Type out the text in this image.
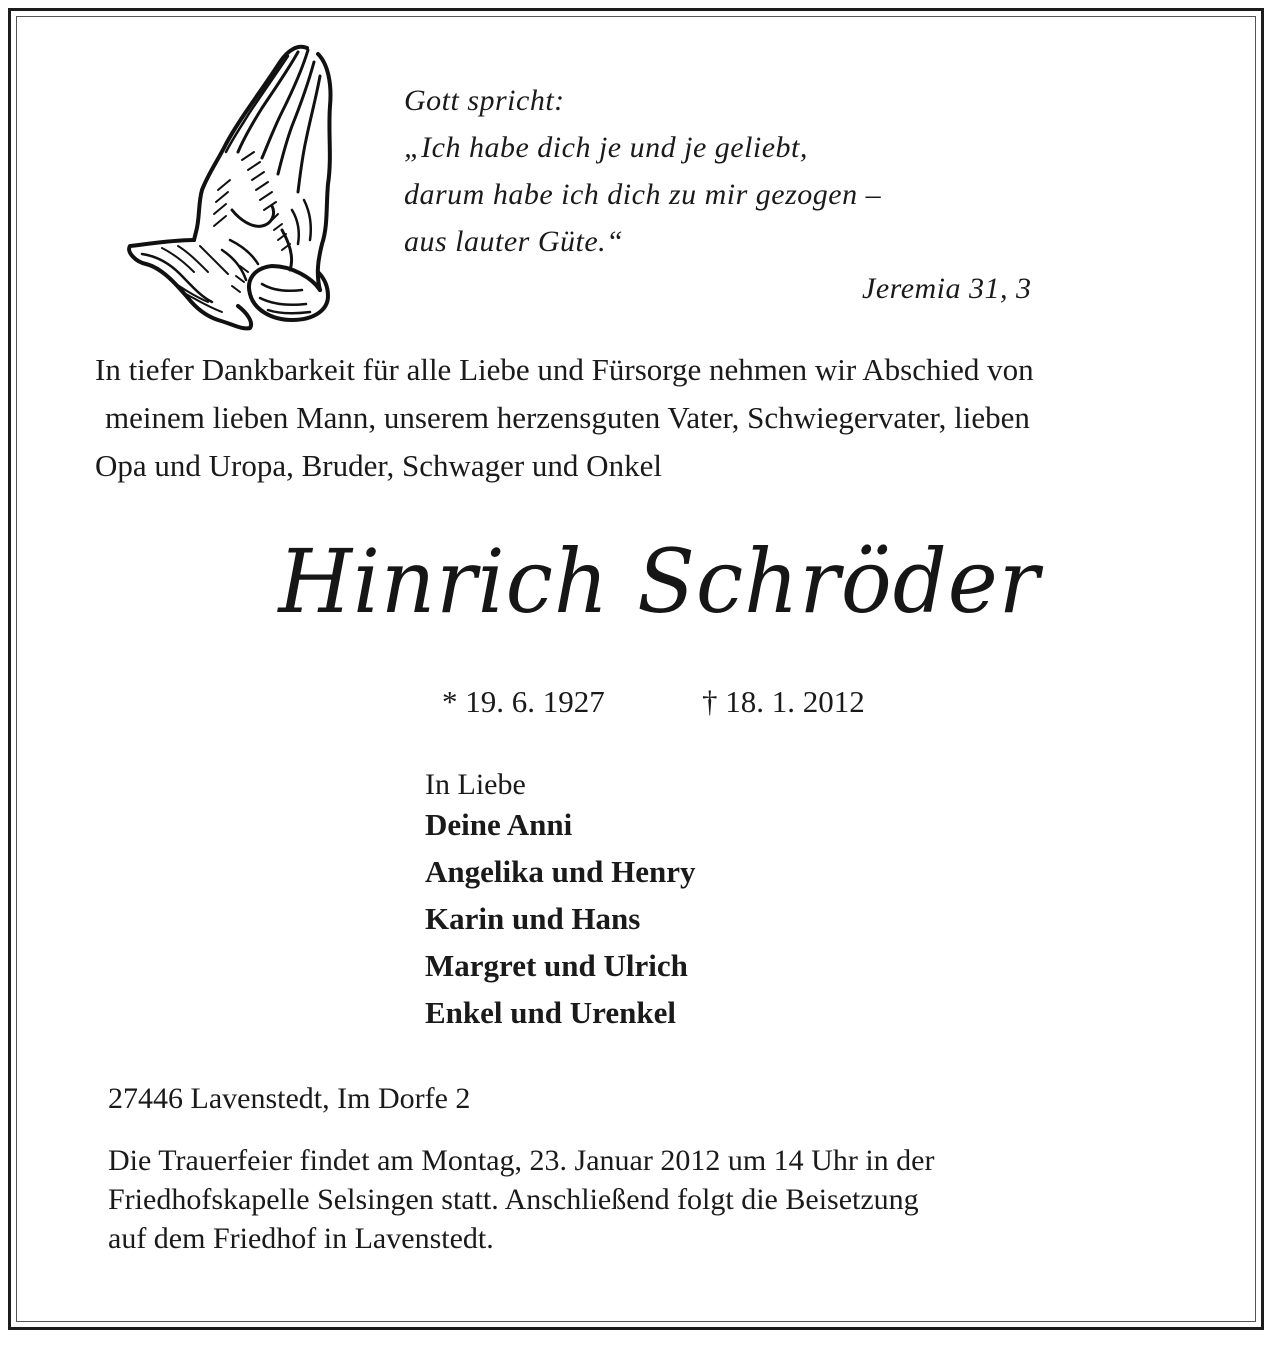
Gott spricht:

„Ich habe dich je und je geliebt,

darum habe ich dich zu mir gezogen –

aus lauter Güte.“

Jeremia 31, 3

In tiefer Dankbarkeit für alle Liebe und Fürsorge nehmen wir Abschied von

meinem lieben Mann, unserem herzensguten Vater, Schwiegervater, lieben

Opa und Uropa, Bruder, Schwager und Onkel

Hinrich Schröder

* 19. 6. 1927	† 18. 1. 2012

In Liebe

Deine Anni

Angelika und Henry

Karin und Hans

Margret und Ulrich

Enkel und Urenkel

27446 Lavenstedt, Im Dorfe 2

Die Trauerfeier findet am Montag, 23. Januar 2012 um 14 Uhr in der

Friedhofskapelle Selsingen statt. Anschließend folgt die Beisetzung

auf dem Friedhof in Lavenstedt.
